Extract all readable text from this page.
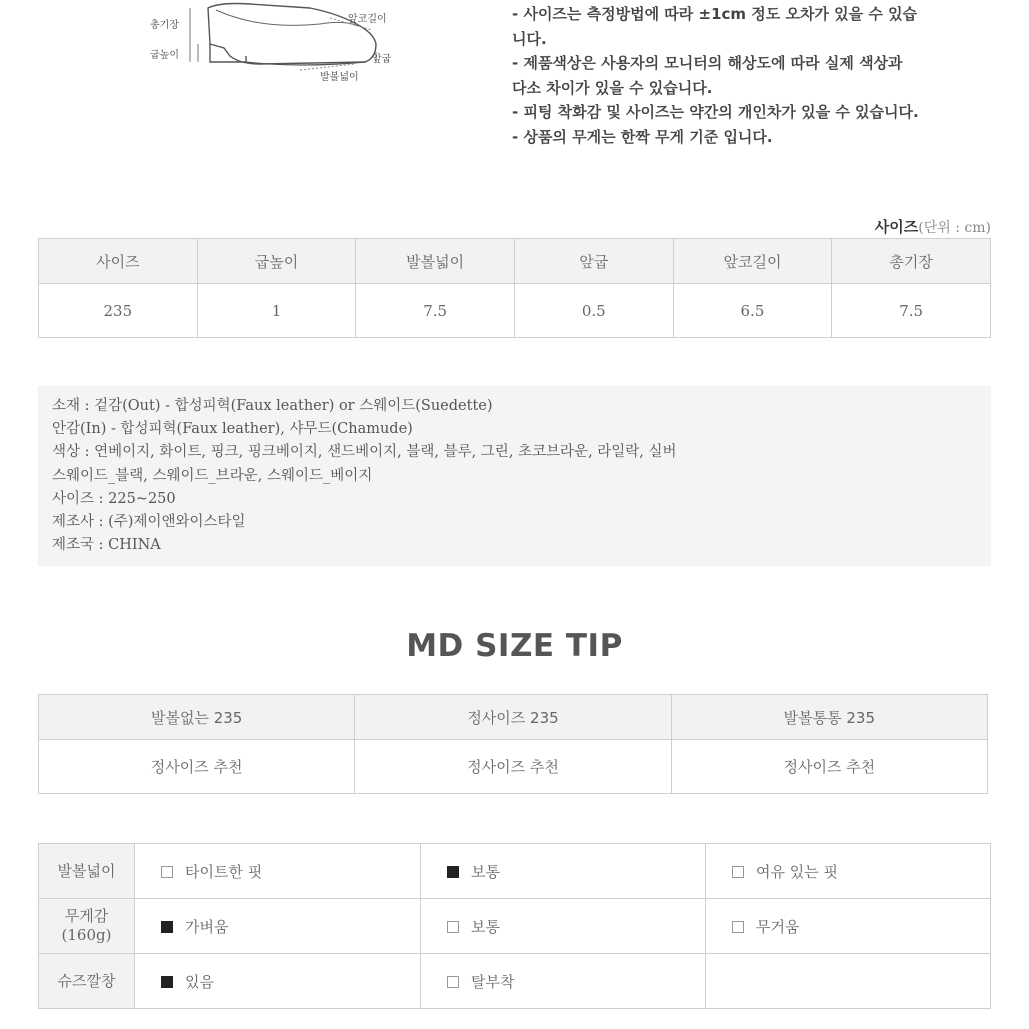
총기장
굽높이
앞코길이
앞굽
발볼넓이
- 사이즈는 측정방법에 따라 ±1cm 정도 오차가 있을 수 있습
니다.
- 제품색상은 사용자의 모니터의 해상도에 따라 실제 색상과
다소 차이가 있을 수 있습니다.
- 피팅 착화감 및 사이즈는 약간의 개인차가 있을 수 있습니다.
- 상품의 무게는 한짝 무게 기준 입니다.
사이즈(단위 : cm)
사이즈	굽높이	발볼넓이	앞굽	앞코길이	총기장
235	1	7.5	0.5	6.5	7.5
소재 : 겉감(Out) - 합성피혁(Faux leather) or 스웨이드(Suedette)
안감(In) - 합성피혁(Faux leather), 샤무드(Chamude)
색상 : 연베이지, 화이트, 핑크, 핑크베이지, 샌드베이지, 블랙, 블루, 그린, 초코브라운, 라일락, 실버
스웨이드_블랙, 스웨이드_브라운, 스웨이드_베이지
사이즈 : 225~250
제조사 : (주)제이앤와이스타일
제조국 : CHINA
MD SIZE TIP
발볼없는 235	정사이즈 235	발볼통통 235
정사이즈 추천	정사이즈 추천	정사이즈 추천
발볼넓이	타이트한 핏	보통	여유 있는 핏
무게감
(160g)	가벼움	보통	무거움
슈즈깔창	있음	탈부착	
